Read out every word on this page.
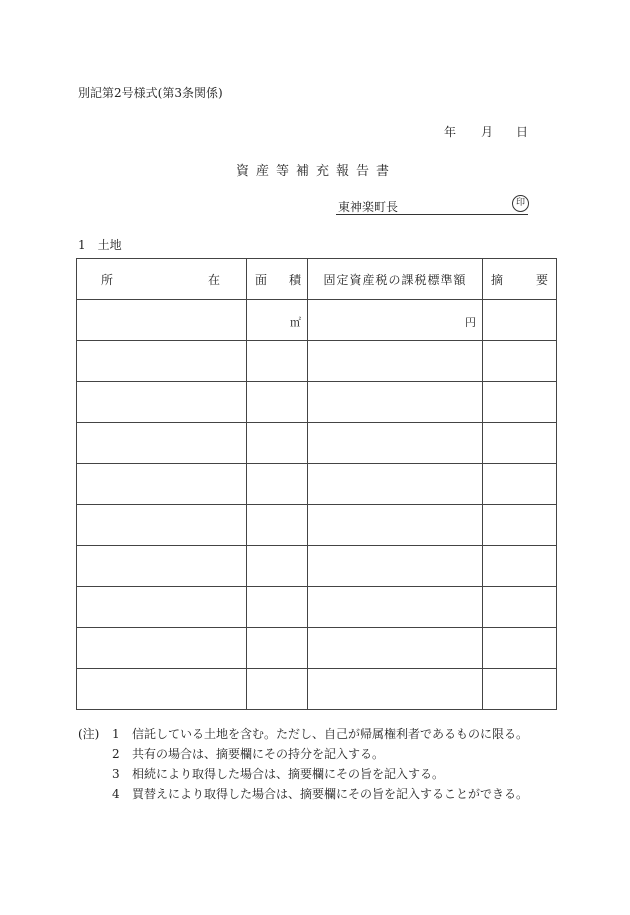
別記第2号様式(第3条関係)
年 月 日
資産等補充報告書
東神楽町長	印
1 土地
所 在	面 積	固定資産税の課税標準額	摘 要

	㎡	円	

(注)	1	信託している土地を含む。ただし、自己が帰属権利者であるものに限る。
2	共有の場合は、摘要欄にその持分を記入する。
3	相続により取得した場合は、摘要欄にその旨を記入する。
4	買替えにより取得した場合は、摘要欄にその旨を記入することができる。
